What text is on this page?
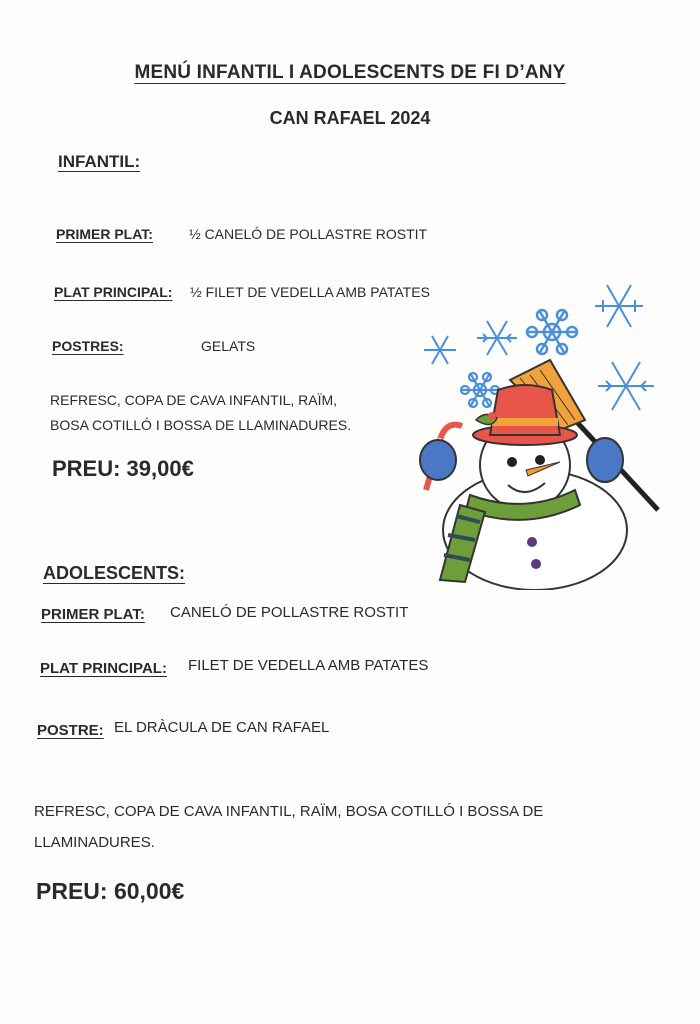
MENÚ INFANTIL I ADOLESCENTS DE FI D’ANY
CAN RAFAEL 2024
INFANTIL:
PRIMER PLAT:	½ CANELÓ DE POLLASTRE ROSTIT
PLAT PRINCIPAL: ½ FILET DE VEDELLA AMB PATATES
POSTRES:	GELATS
REFRESC, COPA DE CAVA INFANTIL, RAÏM,
BOSA COTILLÓ I BOSSA DE LLAMINADURES.
PREU: 39,00€
ADOLESCENTS:
PRIMER PLAT: CANELÓ DE POLLASTRE ROSTIT
PLAT PRINCIPAL: FILET DE VEDELLA AMB PATATES
POSTRE: EL DRÀCULA DE CAN RAFAEL
REFRESC, COPA DE CAVA INFANTIL, RAÏM, BOSA COTILLÓ I BOSSA DE
LLAMINADURES.
PREU: 60,00€
